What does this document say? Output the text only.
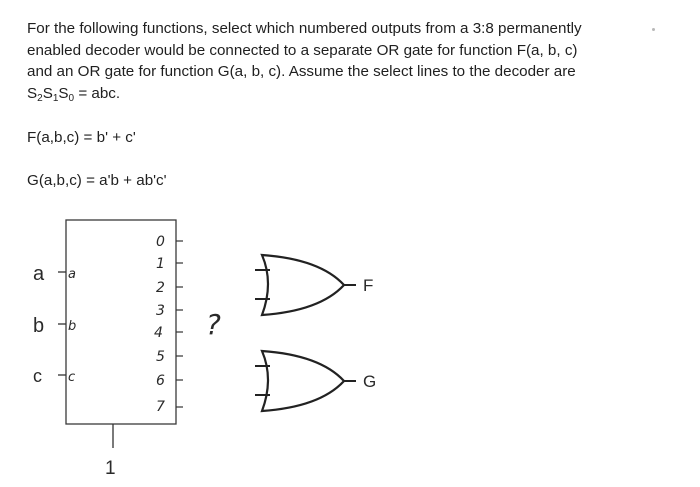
For the following functions, select which numbered outputs from a 3:8 permanently
enabled decoder would be connected to a separate OR gate for function F(a, b, c)
and an OR gate for function G(a, b, c). Assume the select lines to the decoder are
$S_2S_1S_0$ = abc.

F(a,b,c) = b' + c'

G(a,b,c) = a'b + ab'c'

a
b
c
a
b
c
0
1
2
3
4
5
6
7
1
?
F
G
